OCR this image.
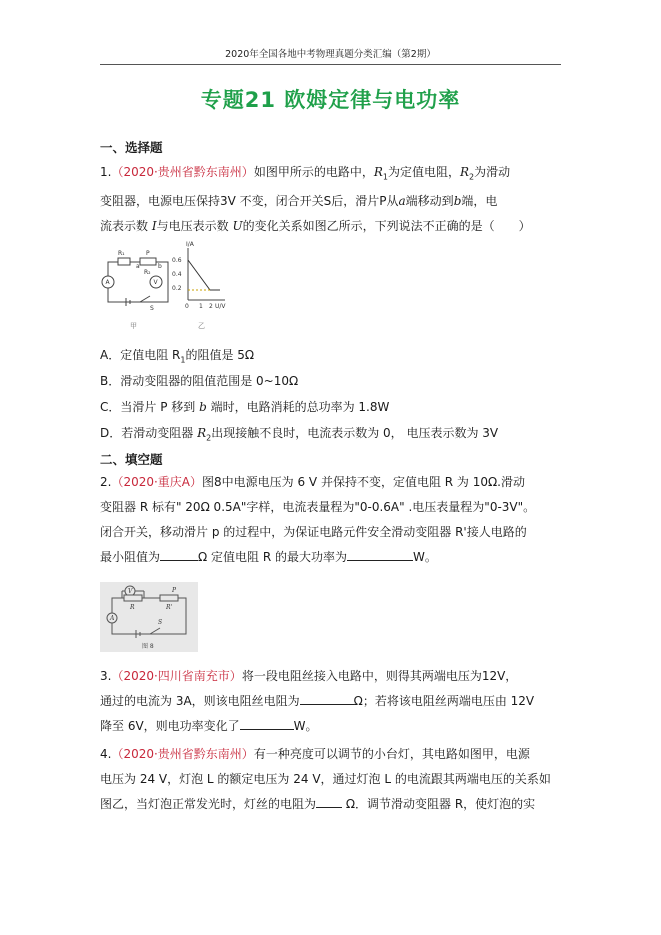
2020年全国各地中考物理真题分类汇编（第2期）
专题21 欧姆定律与电功率
一、选择题
1.（2020·贵州省黔东南州）如图甲所示的电路中，$R_1$为定值电阻，$R_2$为滑动
变阻器，电源电压保持3V 不变，闭合开关S后，滑片P从a端移动到b端，电
流表示数 I与电压表示数 U的变化关系如图乙所示，下列说法不正确的是（　　）
R₁
R₂
P
a	b
A	V
S
I/A
0.6
0.4
0.2
0 1 2 U/V
甲	乙
A．定值电阻 $R_1$的阻值是 5Ω
B．滑动变阻器的阻值范围是 0~10Ω
C．当滑片 P 移到 b 端时，电路消耗的总功率为 1.8W
D．若滑动变阻器 $R_2$出现接触不良时，电流表示数为 0， 电压表示数为 3V
二、填空题
2.（2020·重庆A）图8中电源电压为 6 V 并保持不变，定值电阻 R 为 10Ω.滑动
变阻器 R 标有" 20Ω 0.5A"字样，电流表量程为"0-0.6A" .电压表量程为"0-3V"。
闭合开关，移动滑片 p 的过程中，为保证电路元件安全滑动变阻器 R'接人电路的
最小阻值为	Ω 定值电阻 R 的最大功率为	W。
V
R	R'
P
A
S
图 8
3.（2020·四川省南充市）将一段电阻丝接入电路中，则得其两端电压为12V，
通过的电流为 3A，则该电阻丝电阻为	Ω；若将该电阻丝两端电压由 12V
降至 6V，则电功率变化了	W。
4.（2020·贵州省黔东南州）有一种亮度可以调节的小台灯，其电路如图甲，电源
电压为 24 V，灯泡 L 的额定电压为 24 V，通过灯泡 L 的电流跟其两端电压的关系如
图乙，当灯泡正常发光时，灯丝的电阻为 Ω．调节滑动变阻器 R，使灯泡的实
